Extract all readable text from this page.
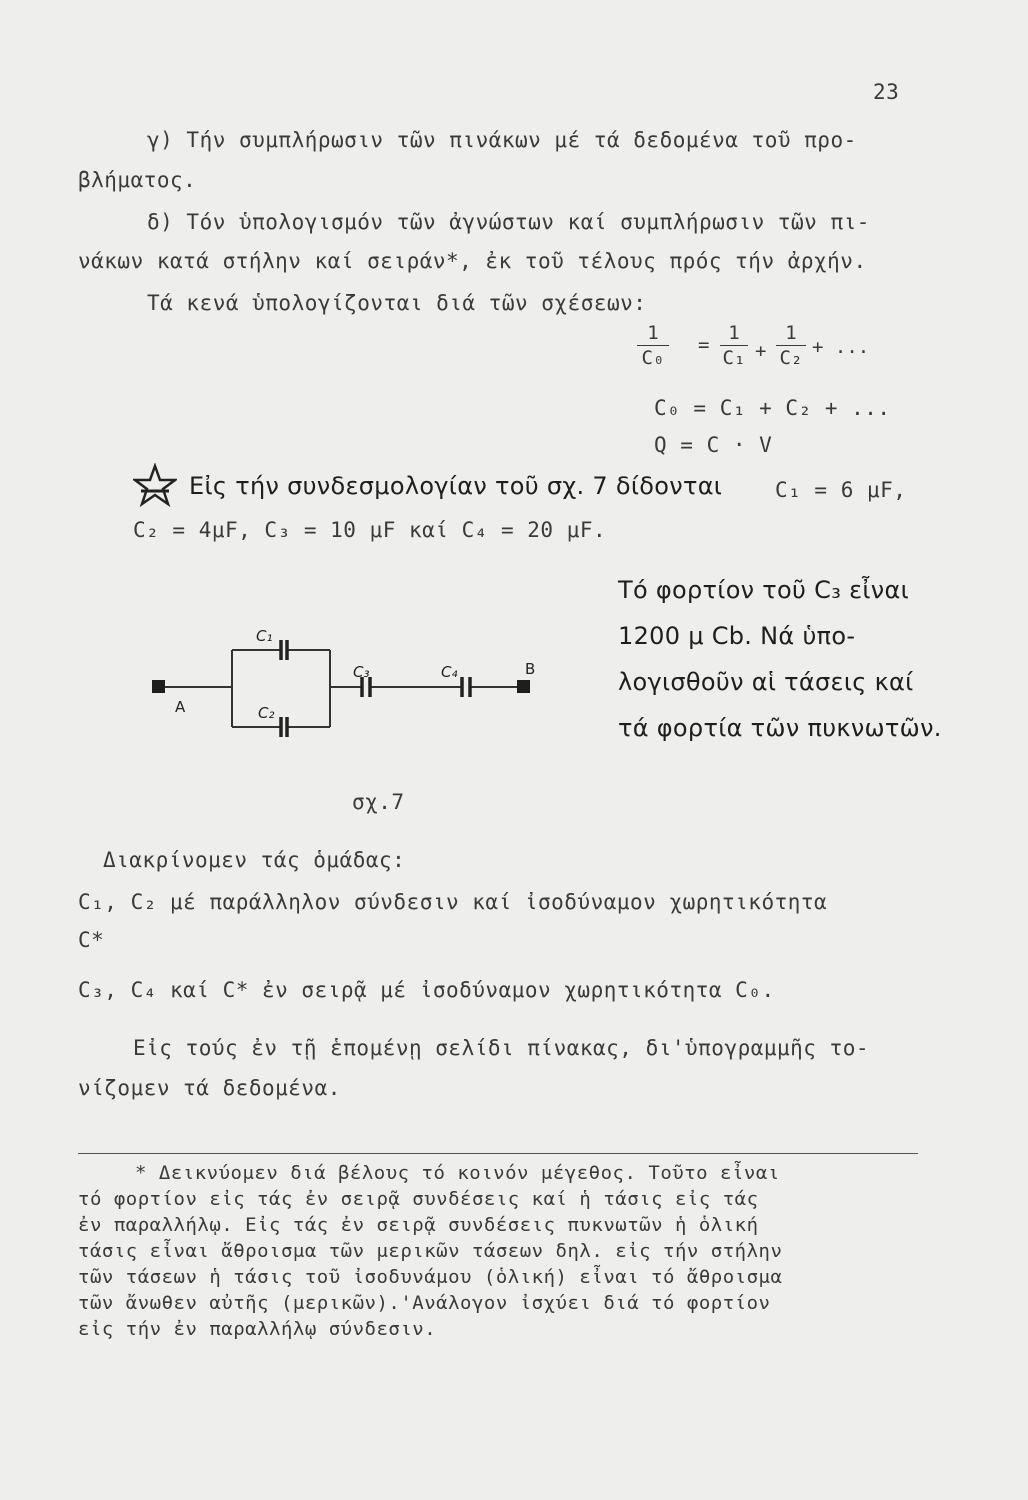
23
γ) Τήν συμπλήρωσιν τῶν πινάκων μέ τά δεδομένα τοῦ προ-
βλήματος.
δ) Τόν ὑπολογισμόν τῶν ἀγνώστων καί συμπλήρωσιν τῶν πι-
νάκων κατά στήλην καί σειράν*, ἐκ τοῦ τέλους πρός τήν ἀρχήν.
Τά κενά ὑπολογίζονται διά τῶν σχέσεων:
1
C₀
=
1
C₁ +
1
C₂ + ...
C₀ = C₁ + C₂ + ...
Q = C · V
Εἰς τήν συνδεσμολογίαν τοῦ σχ. 7 δίδονται	C₁ = 6 μF,
C₂ = 4μF, C₃ = 10 μF καί C₄ = 20 μF.
Τό φορτίον τοῦ C₃ εἶναι
1200 μ Cb. Νά ὑπο-
λογισθοῦν αἱ τάσεις καί
τά φορτία τῶν πυκνωτῶν.
C₁
C₂
C₃	C₄
A
B
σχ.7
Διακρίνομεν τάς ὁμάδας:
C₁, C₂ μέ παράλληλον σύνδεσιν καί ἰσοδύναμον χωρητικότητα
C*
C₃, C₄ καί C* ἐν σειρᾷ μέ ἰσοδύναμον χωρητικότητα C₀.
Εἰς τούς ἐν τῇ ἑπομένῃ σελίδι πίνακας, δι'ὑπογραμμῆς το-
νίζομεν τά δεδομένα.
* Δεικνύομεν διά βέλους τό κοινόν μέγεθος. Τοῦτο εἶναι
τό φορτίον εἰς τάς ἐν σειρᾷ συνδέσεις καί ἡ τάσις εἰς τάς
ἐν παραλλήλῳ. Εἰς τάς ἐν σειρᾷ συνδέσεις πυκνωτῶν ἡ ὁλική
τάσις εἶναι ἄθροισμα τῶν μερικῶν τάσεων δηλ. εἰς τήν στήλην
τῶν τάσεων ἡ τάσις τοῦ ἰσοδυνάμου (ὁλική) εἶναι τό ἄθροισμα
τῶν ἄνωθεν αὐτῆς (μερικῶν).'Ανάλογον ἰσχύει διά τό φορτίον
εἰς τήν ἐν παραλλήλῳ σύνδεσιν.
